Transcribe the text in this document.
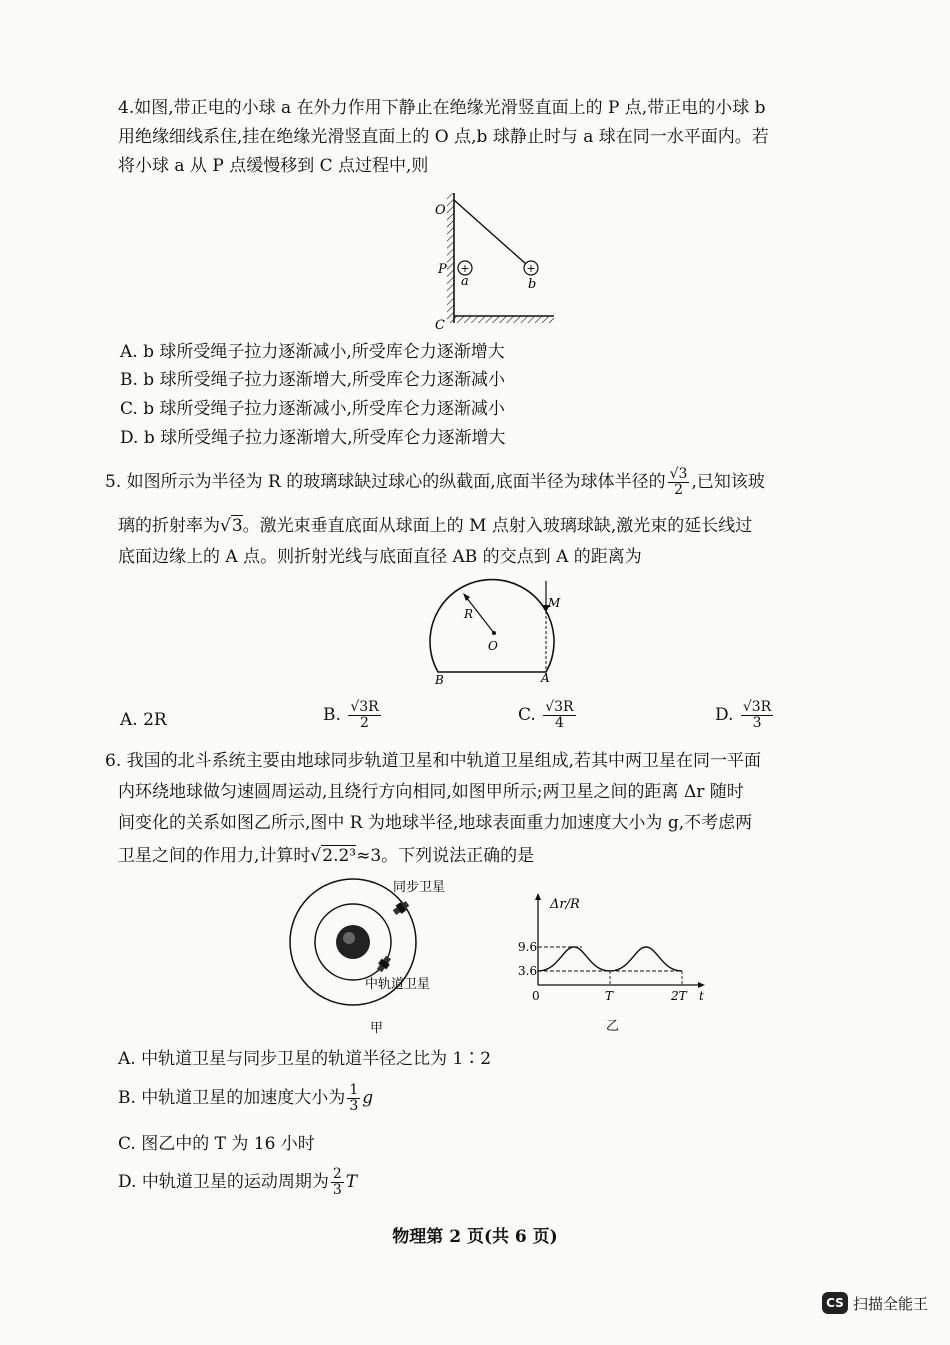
4.如图,带正电的小球 a 在外力作用下静止在绝缘光滑竖直面上的 P 点,带正电的小球 b
用绝缘细线系住,挂在绝缘光滑竖直面上的 O 点,b 球静止时与 a 球在同一水平面内。若
将小球 a 从 P 点缓慢移到 C 点过程中,则
+	+
O
P
a	b
C
A. b 球所受绳子拉力逐渐减小,所受库仑力逐渐增大
B. b 球所受绳子拉力逐渐增大,所受库仑力逐渐减小
C. b 球所受绳子拉力逐渐减小,所受库仑力逐渐减小
D. b 球所受绳子拉力逐渐增大,所受库仑力逐渐增大
5. 如图所示为半径为 R 的玻璃球缺过球心的纵截面,底面半径为球体半径的 $\frac{√3}{2}$ ,已知该玻
璃的折射率为√3。激光束垂直底面从球面上的 M 点射入玻璃球缺,激光束的延长线过
底面边缘上的 A 点。则折射光线与底面直径 AB 的交点到 A 的距离为
R
O
M
A
B
A. 2R	B. $\frac{√3R}{2}$	C. $\frac{√3R}{4}$	D. $\frac{√3R}{3}$
6. 我国的北斗系统主要由地球同步轨道卫星和中轨道卫星组成,若其中两卫星在同一平面
内环绕地球做匀速圆周运动,且绕行方向相同,如图甲所示;两卫星之间的距离 Δr 随时
间变化的关系如图乙所示,图中 R 为地球半径,地球表面重力加速度大小为 g,不考虑两
卫星之间的作用力,计算时√2.2³≈3。下列说法正确的是
同步卫星
中轨道卫星
甲
Δr/R
9.6
3.6
0	T	2T t
乙
A. 中轨道卫星与同步卫星的轨道半径之比为 1∶2
B. 中轨道卫星的加速度大小为 $\frac{1}{3}$ g
C. 图乙中的 T 为 16 小时
D. 中轨道卫星的运动周期为 $\frac{2}{3}$ T
物理第 2 页(共 6 页)
CS 扫描全能王
